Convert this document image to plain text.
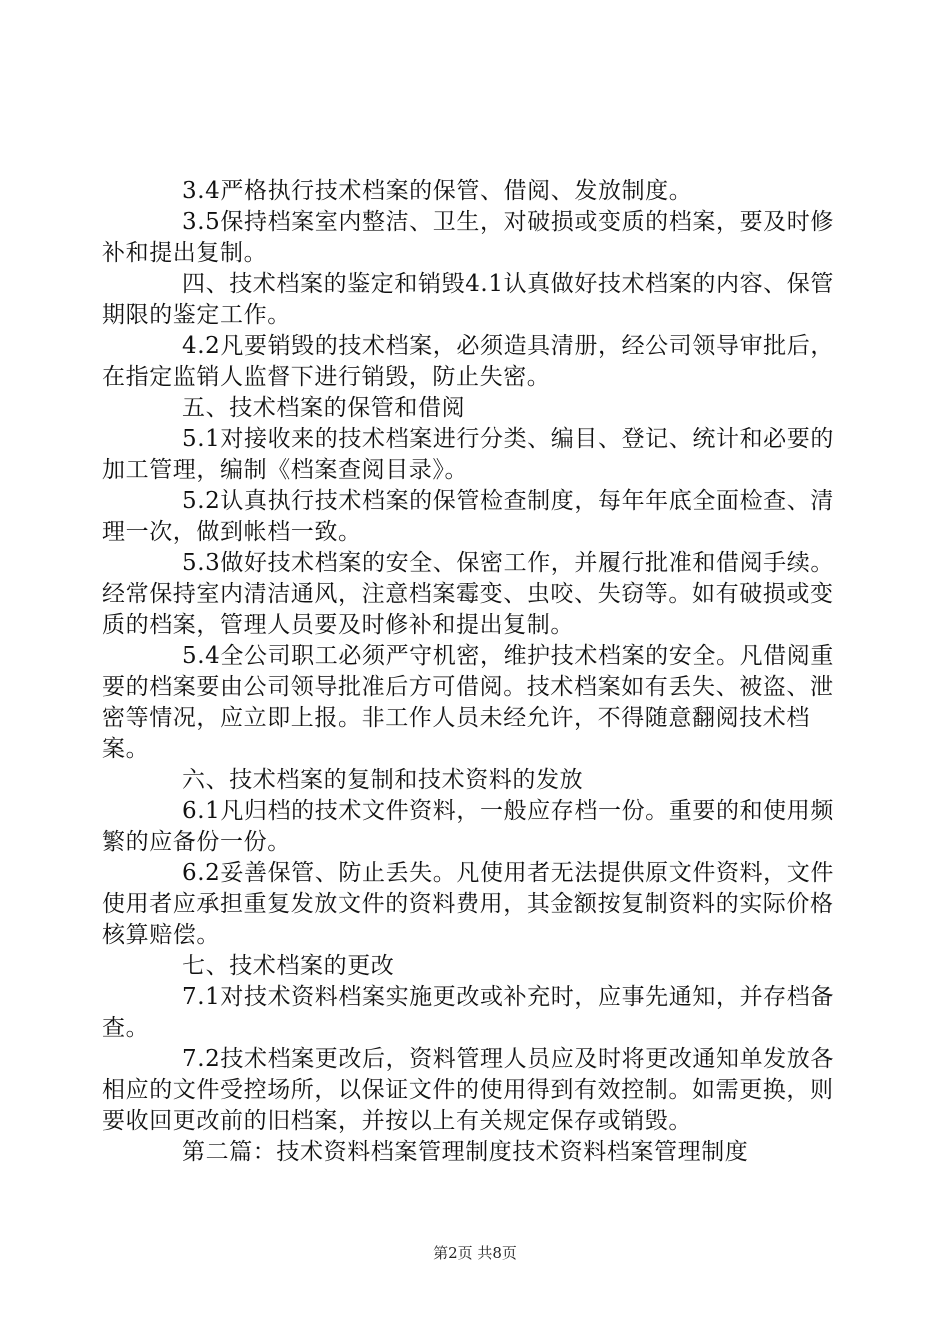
3.4严格执行技术档案的保管、借阅、发放制度。

3.5保持档案室内整洁、卫生，对破损或变质的档案，要及时修补和提出复制。

四、技术档案的鉴定和销毁4.1认真做好技术档案的内容、保管期限的鉴定工作。

4.2凡要销毁的技术档案，必须造具清册，经公司领导审批后，在指定监销人监督下进行销毁，防止失密。

五、技术档案的保管和借阅

5.1对接收来的技术档案进行分类、编目、登记、统计和必要的加工管理，编制《档案查阅目录》。

5.2认真执行技术档案的保管检查制度，每年年底全面检查、清理一次，做到帐档一致。

5.3做好技术档案的安全、保密工作，并履行批准和借阅手续。经常保持室内清洁通风，注意档案霉变、虫咬、失窃等。如有破损或变质的档案，管理人员要及时修补和提出复制。

5.4全公司职工必须严守机密，维护技术档案的安全。凡借阅重要的档案要由公司领导批准后方可借阅。技术档案如有丢失、被盗、泄密等情况，应立即上报。非工作人员未经允许，不得随意翻阅技术档案。

六、技术档案的复制和技术资料的发放

6.1凡归档的技术文件资料，一般应存档一份。重要的和使用频繁的应备份一份。

6.2妥善保管、防止丢失。凡使用者无法提供原文件资料，文件使用者应承担重复发放文件的资料费用，其金额按复制资料的实际价格核算赔偿。

七、技术档案的更改

7.1对技术资料档案实施更改或补充时，应事先通知，并存档备查。

7.2技术档案更改后，资料管理人员应及时将更改通知单发放各相应的文件受控场所，以保证文件的使用得到有效控制。如需更换，则要收回更改前的旧档案，并按以上有关规定保存或销毁。

第二篇：技术资料档案管理制度技术资料档案管理制度

第2页 共8页
